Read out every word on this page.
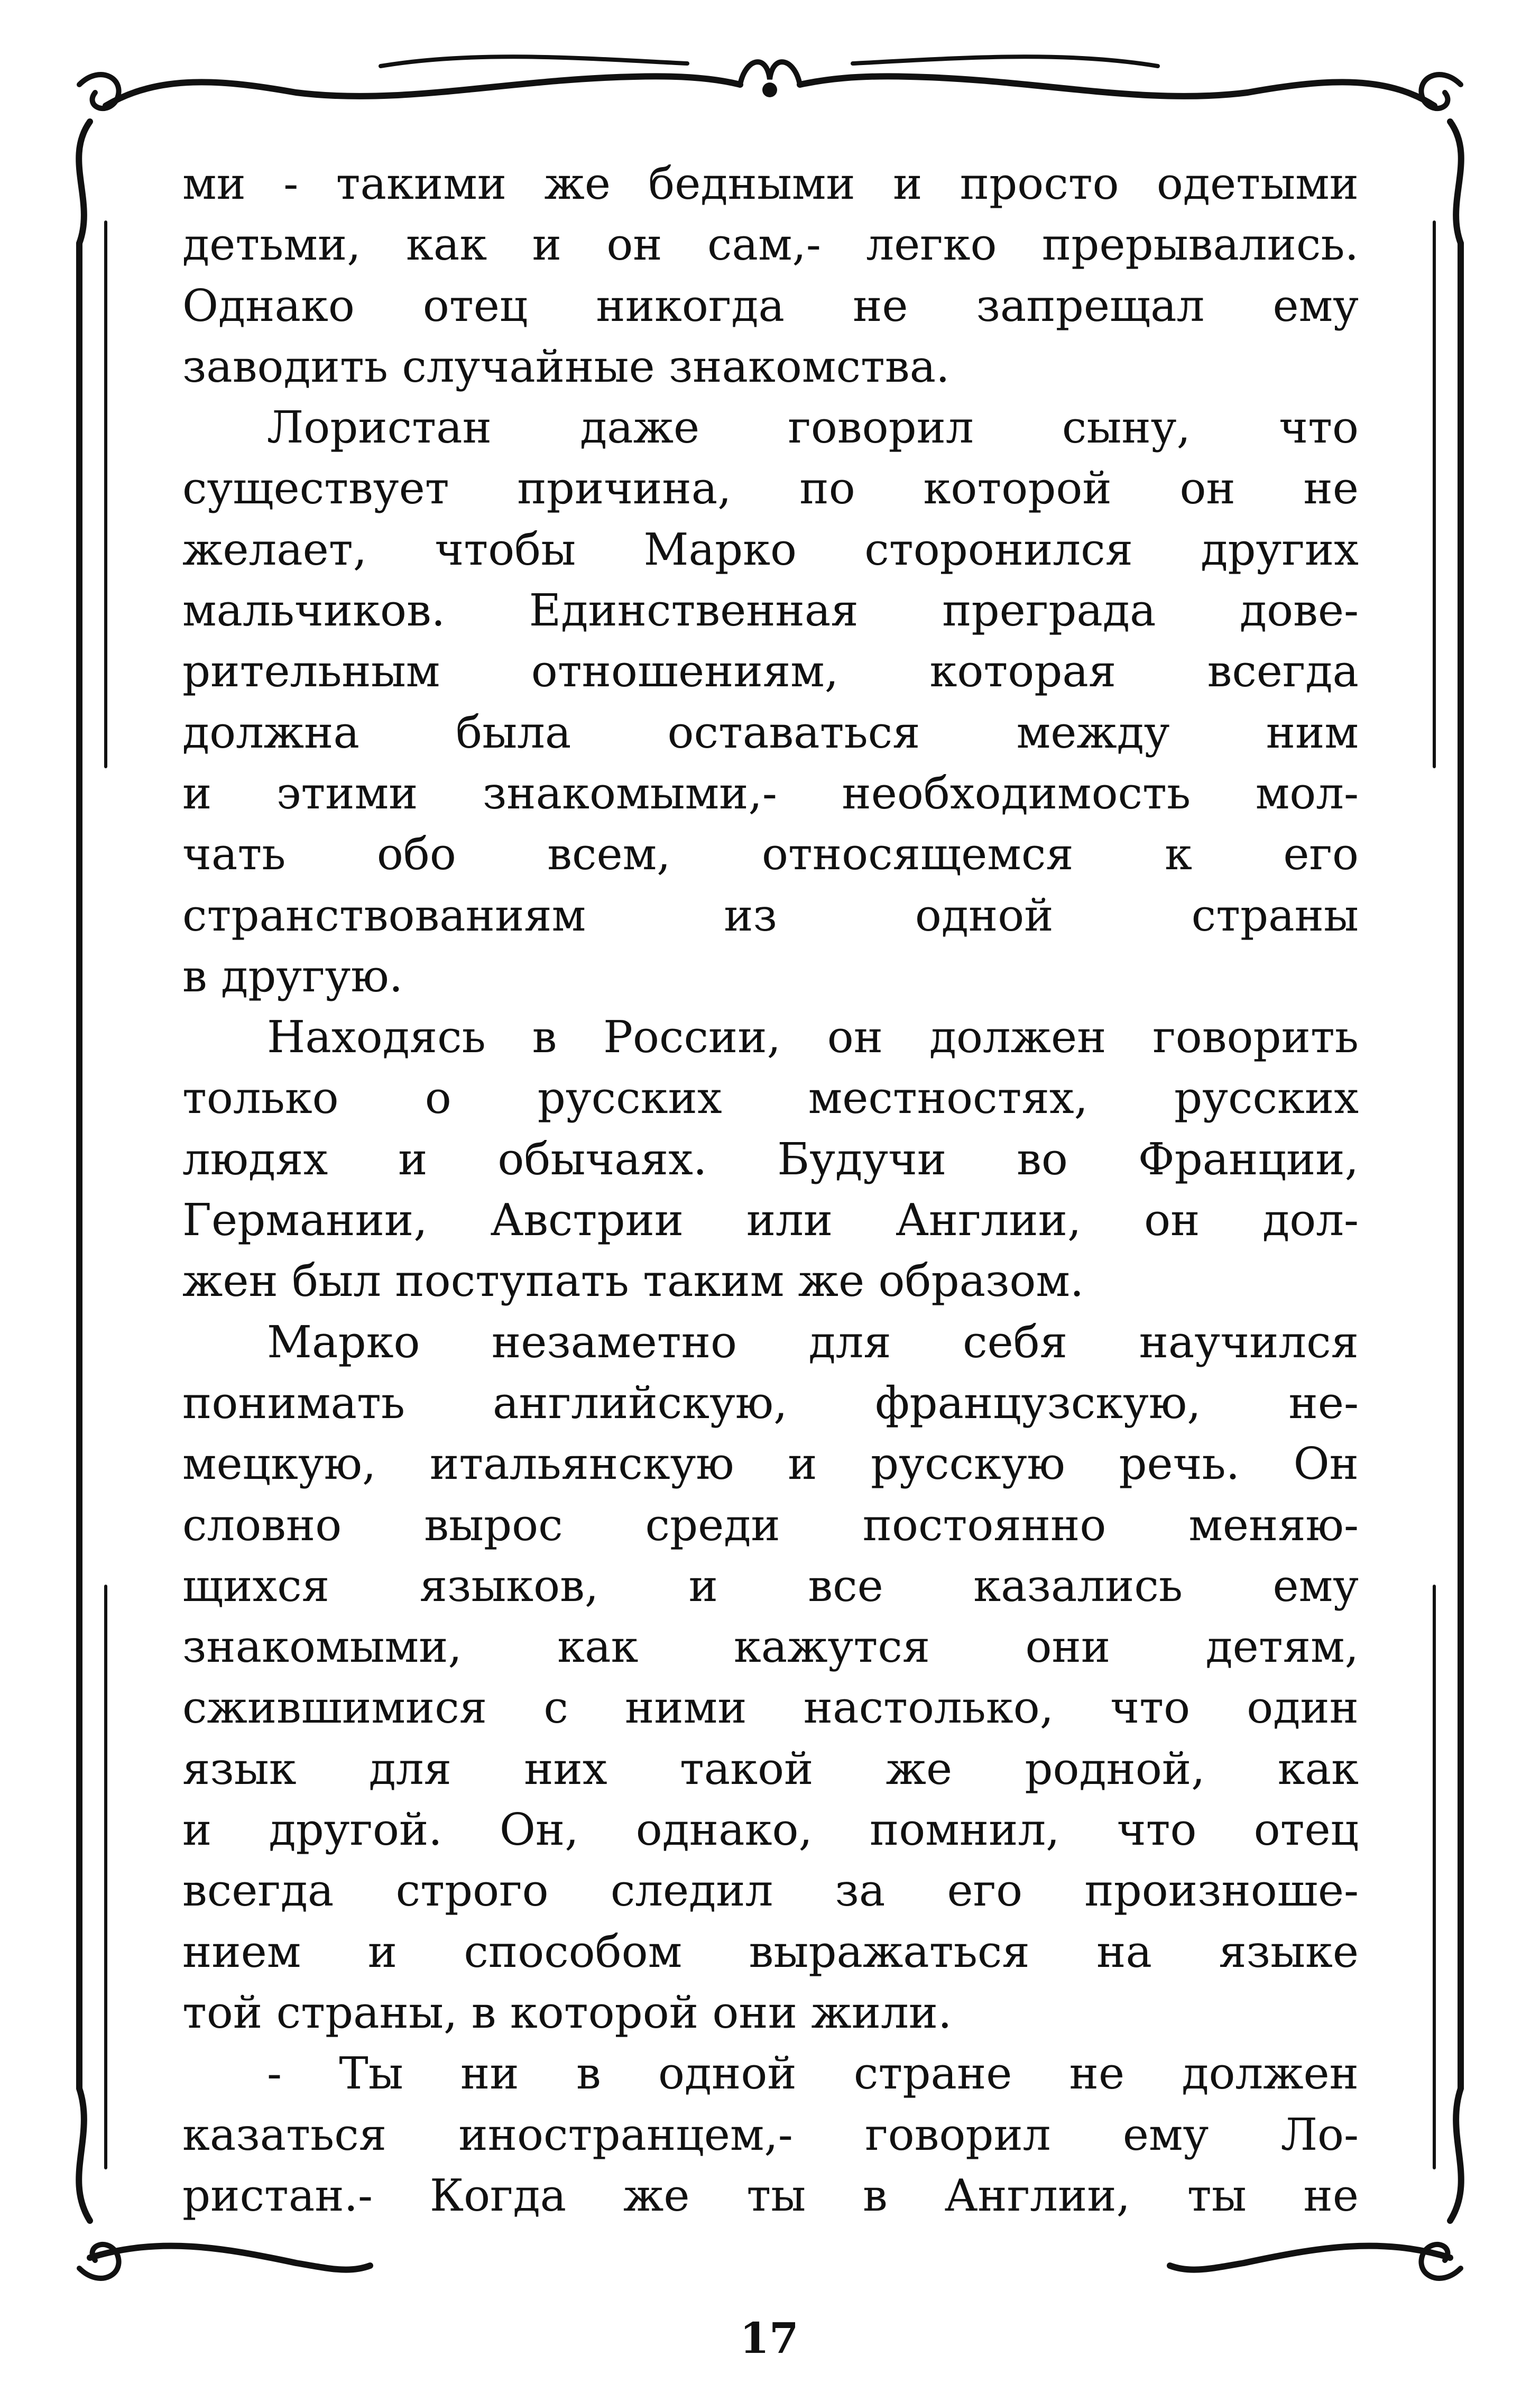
ми - такими же бедными и просто одетыми
детьми, как и он сам,- легко прерывались.
Однако отец никогда не запрещал ему
заводить случайные знакомства.
Лористан даже говорил сыну, что
существует причина, по которой он не
желает, чтобы Марко сторонился других
мальчиков. Единственная преграда дове-
рительным отношениям, которая всегда
должна была оставаться между ним
и этими знакомыми,- необходимость мол-
чать обо всем, относящемся к его
странствованиям из одной страны
в другую.
Находясь в России, он должен говорить
только о русских местностях, русских
людях и обычаях. Будучи во Франции,
Германии, Австрии или Англии, он дол-
жен был поступать таким же образом.
Марко незаметно для себя научился
понимать английскую, французскую, не-
мецкую, итальянскую и русскую речь. Он
словно вырос среди постоянно меняю-
щихся языков, и все казались ему
знакомыми, как кажутся они детям,
сжившимися с ними настолько, что один
язык для них такой же родной, как
и другой. Он, однако, помнил, что отец
всегда строго следил за его произноше-
нием и способом выражаться на языке
той страны, в которой они жили.
- Ты ни в одной стране не должен
казаться иностранцем,- говорил ему Ло-
ристан.- Когда же ты в Англии, ты не
17
